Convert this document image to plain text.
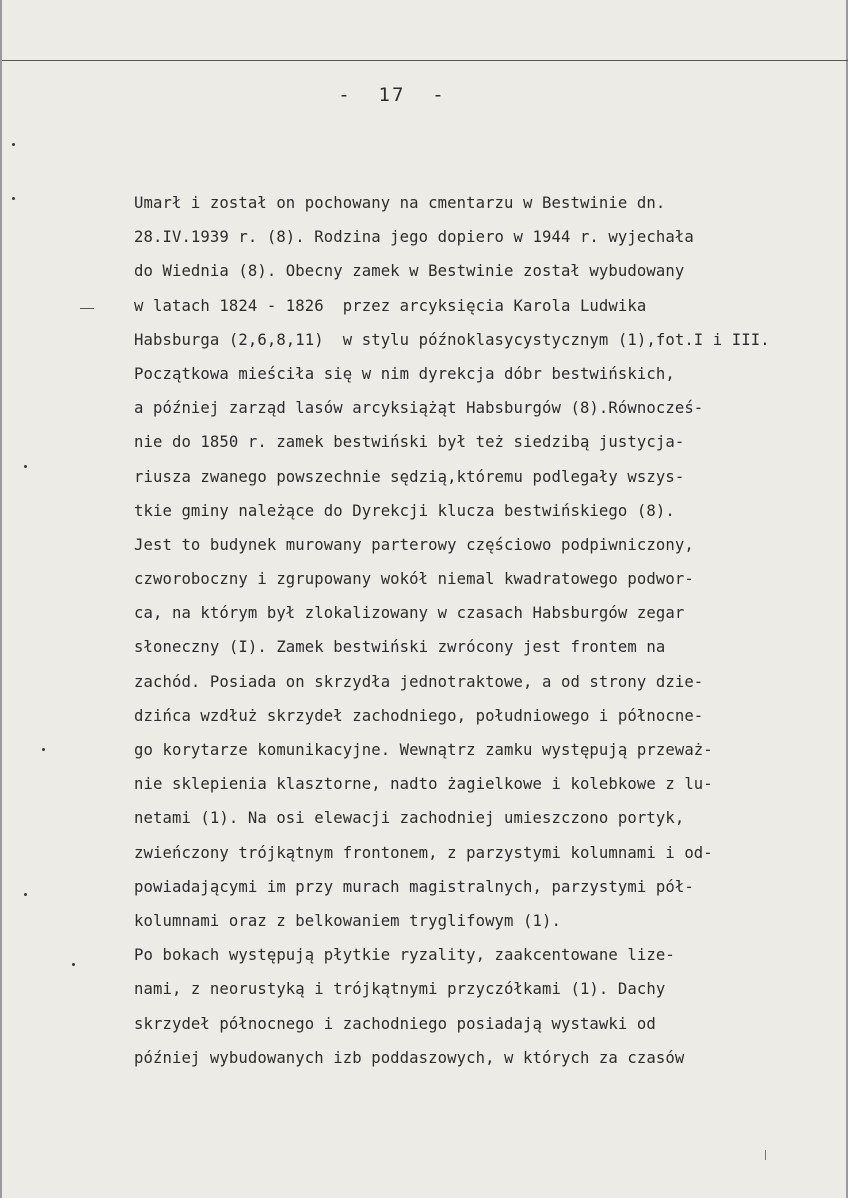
-  17  -
Umarł i został on pochowany na cmentarzu w Bestwinie dn.
28.IV.1939 r. (8). Rodzina jego dopiero w 1944 r. wyjechała
do Wiednia (8). Obecny zamek w Bestwinie został wybudowany
w latach 1824 - 1826  przez arcyksięcia Karola Ludwika
Habsburga (2,6,8,11)  w stylu późnoklasycystycznym (1),fot.I i III.
Początkowa mieściła się w nim dyrekcja dóbr bestwińskich,
a później zarząd lasów arcyksiążąt Habsburgów (8).Równocześ-
nie do 1850 r. zamek bestwiński był też siedzibą justycja-
riusza zwanego powszechnie sędzią,któremu podlegały wszys-
tkie gminy należące do Dyrekcji klucza bestwińskiego (8).
Jest to budynek murowany parterowy częściowo podpiwniczony,
czworoboczny i zgrupowany wokół niemal kwadratowego podwor-
ca, na którym był zlokalizowany w czasach Habsburgów zegar
słoneczny (I). Zamek bestwiński zwrócony jest frontem na
zachód. Posiada on skrzydła jednotraktowe, a od strony dzie-
dzińca wzdłuż skrzydeł zachodniego, południowego i północne-
go korytarze komunikacyjne. Wewnątrz zamku występują przeważ-
nie sklepienia klasztorne, nadto żagielkowe i kolebkowe z lu-
netami (1). Na osi elewacji zachodniej umieszczono portyk,
zwieńczony trójkątnym frontonem, z parzystymi kolumnami i od-
powiadającymi im przy murach magistralnych, parzystymi pół-
kolumnami oraz z belkowaniem tryglifowym (1).
Po bokach występują płytkie ryzality, zaakcentowane lize-
nami, z neorustyką i trójkątnymi przyczółkami (1). Dachy
skrzydeł północnego i zachodniego posiadają wystawki od
później wybudowanych izb poddaszowych, w których za czasów
